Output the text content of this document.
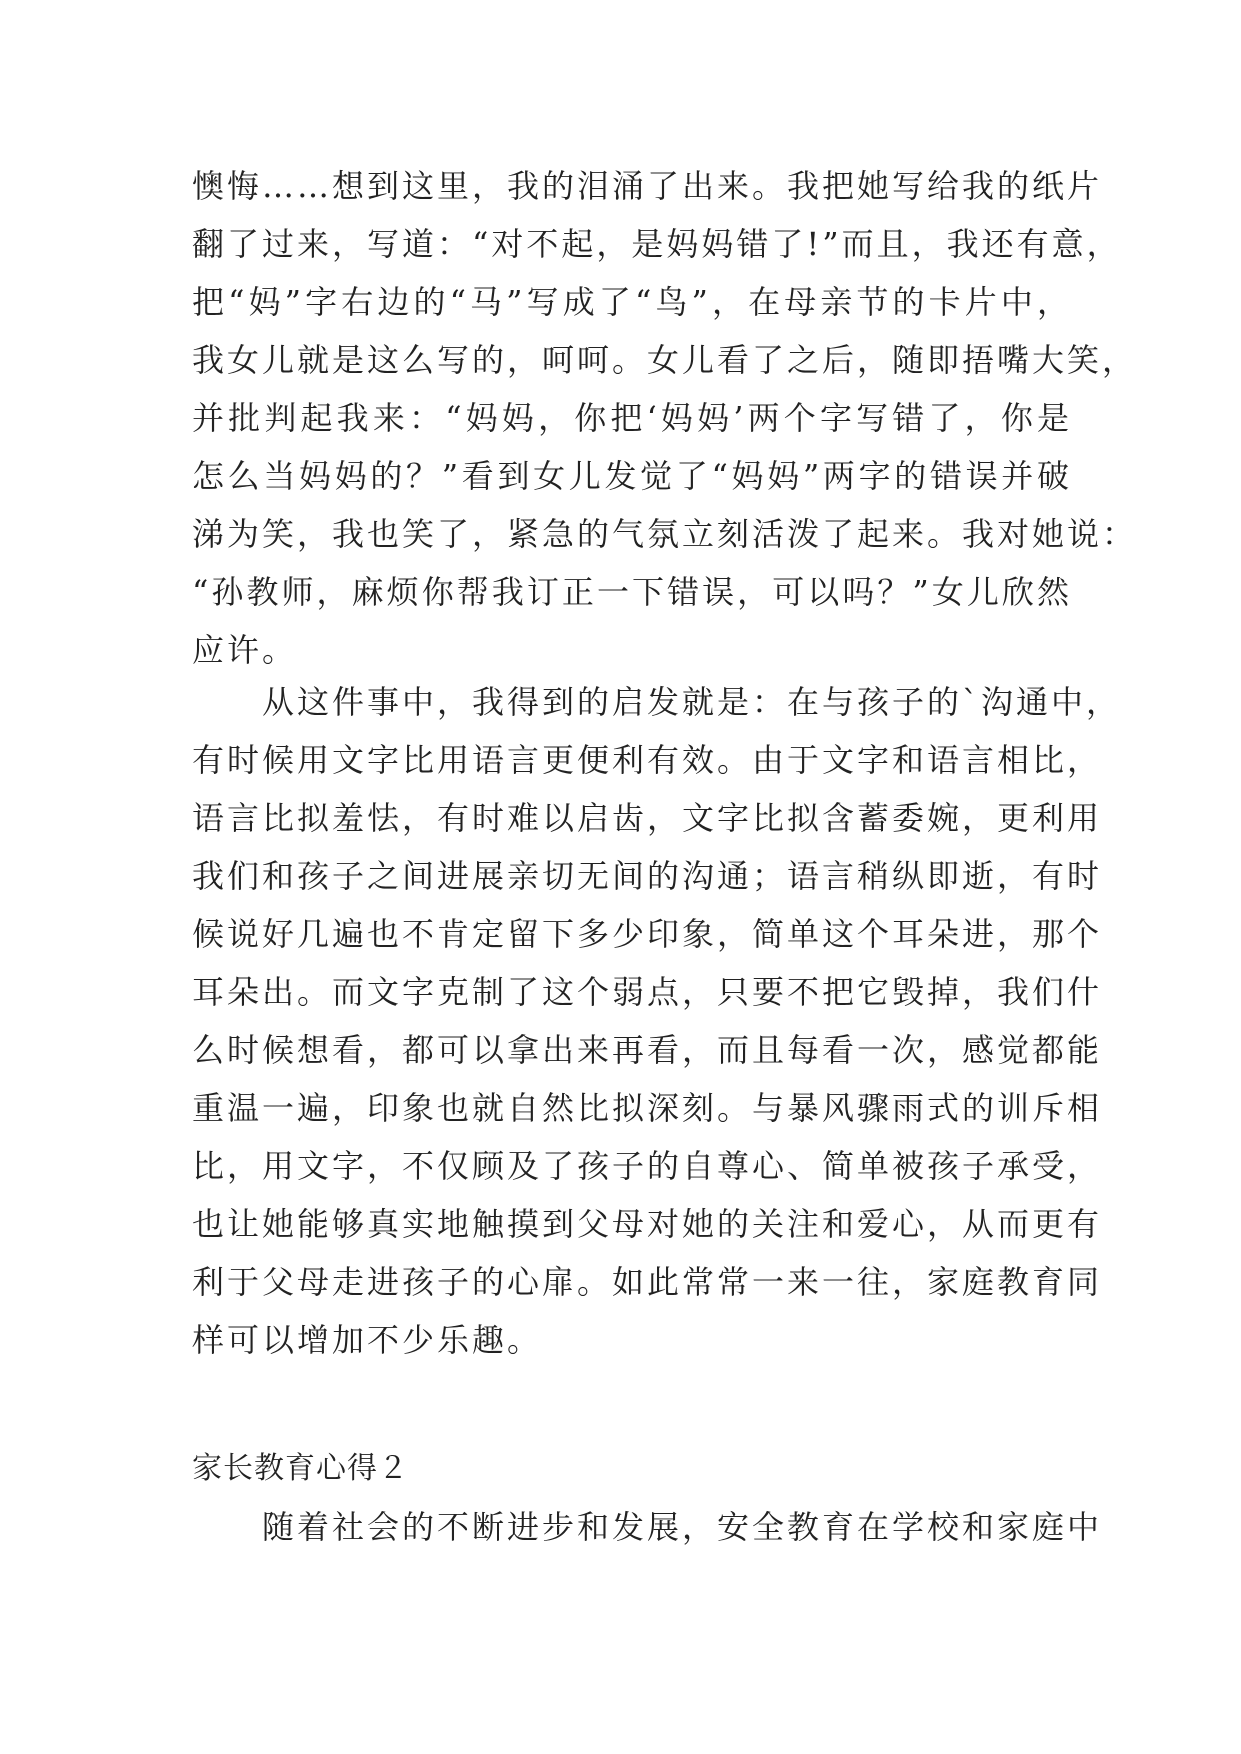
懊悔……想到这里，我的泪涌了出来。我把她写给我的纸片
翻了过来，写道：“对不起，是妈妈错了!”而且，我还有意，
把“妈”字右边的“马”写成了“鸟”，在母亲节的卡片中，
我女儿就是这么写的，呵呵。女儿看了之后，随即捂嘴大笑，
并批判起我来：“妈妈，你把‘妈妈’两个字写错了，你是
怎么当妈妈的？”看到女儿发觉了“妈妈”两字的错误并破
涕为笑，我也笑了，紧急的气氛立刻活泼了起来。我对她说：
“孙教师，麻烦你帮我订正一下错误，可以吗？”女儿欣然
应许。
从这件事中，我得到的启发就是：在与孩子的`沟通中，
有时候用文字比用语言更便利有效。由于文字和语言相比，
语言比拟羞怯，有时难以启齿，文字比拟含蓄委婉，更利用
我们和孩子之间进展亲切无间的沟通；语言稍纵即逝，有时
候说好几遍也不肯定留下多少印象，简单这个耳朵进，那个
耳朵出。而文字克制了这个弱点，只要不把它毁掉，我们什
么时候想看，都可以拿出来再看，而且每看一次，感觉都能
重温一遍，印象也就自然比拟深刻。与暴风骤雨式的训斥相
比，用文字，不仅顾及了孩子的自尊心、简单被孩子承受，
也让她能够真实地触摸到父母对她的关注和爱心，从而更有
利于父母走进孩子的心扉。如此常常一来一往，家庭教育同
样可以增加不少乐趣。
家长教育心得２
随着社会的不断进步和发展，安全教育在学校和家庭中
